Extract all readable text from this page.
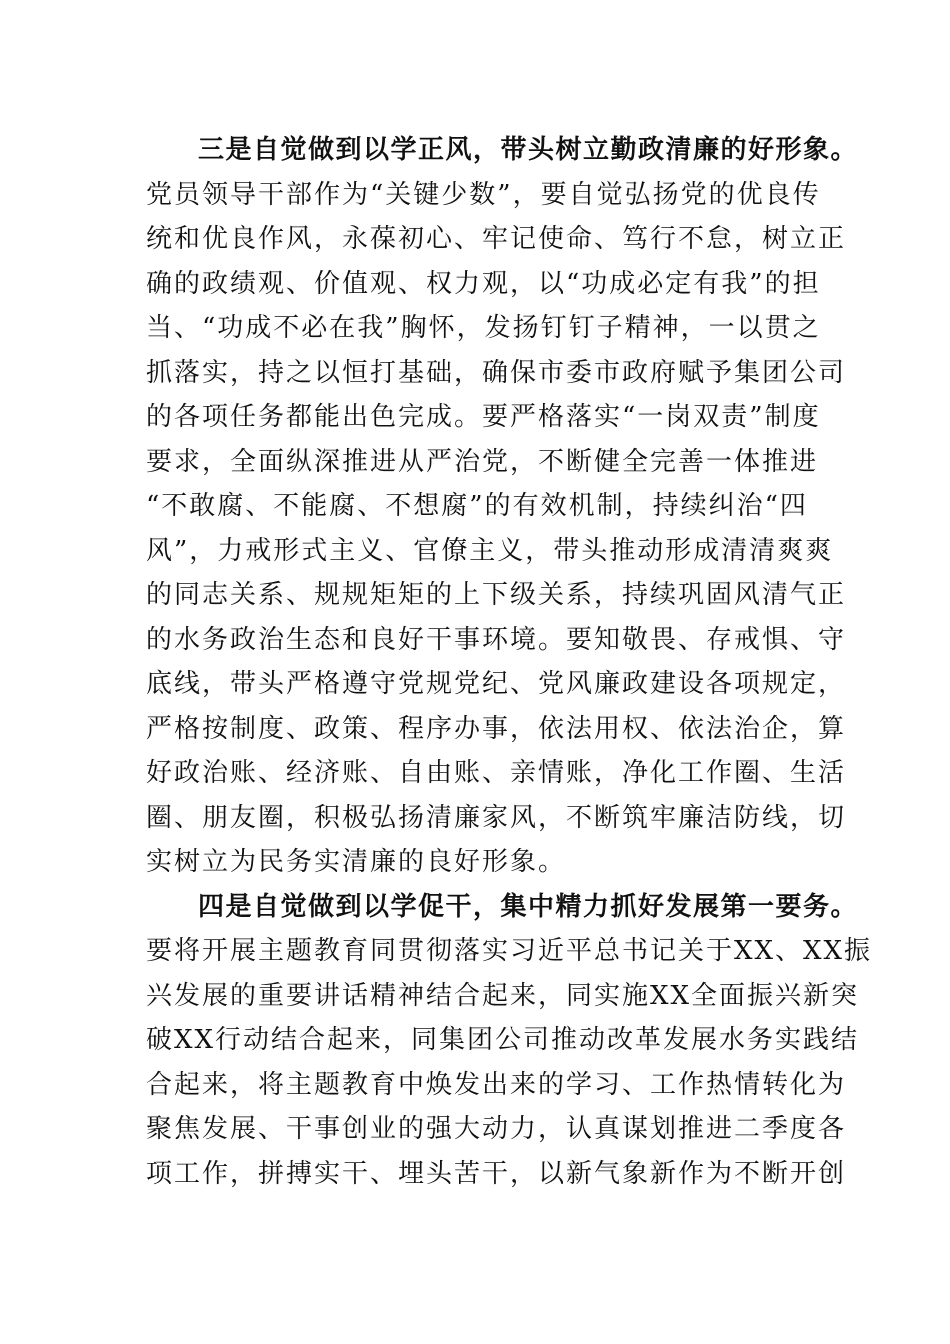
三是自觉做到以学正风，带头树立勤政清廉的好形象。
党员领导干部作为“关键少数”，要自觉弘扬党的优良传
统和优良作风，永葆初心、牢记使命、笃行不怠，树立正
确的政绩观、价值观、权力观，以“功成必定有我”的担
当、“功成不必在我”胸怀，发扬钉钉子精神，一以贯之
抓落实，持之以恒打基础，确保市委市政府赋予集团公司
的各项任务都能出色完成。要严格落实“一岗双责”制度
要求，全面纵深推进从严治党，不断健全完善一体推进
“不敢腐、不能腐、不想腐”的有效机制，持续纠治“四
风”，力戒形式主义、官僚主义，带头推动形成清清爽爽
的同志关系、规规矩矩的上下级关系，持续巩固风清气正
的水务政治生态和良好干事环境。要知敬畏、存戒惧、守
底线，带头严格遵守党规党纪、党风廉政建设各项规定，
严格按制度、政策、程序办事，依法用权、依法治企，算
好政治账、经济账、自由账、亲情账，净化工作圈、生活
圈、朋友圈，积极弘扬清廉家风，不断筑牢廉洁防线，切
实树立为民务实清廉的良好形象。
四是自觉做到以学促干，集中精力抓好发展第一要务。
要将开展主题教育同贯彻落实习近平总书记关于XX、XX振
兴发展的重要讲话精神结合起来，同实施XX全面振兴新突
破XX行动结合起来，同集团公司推动改革发展水务实践结
合起来，将主题教育中焕发出来的学习、工作热情转化为
聚焦发展、干事创业的强大动力，认真谋划推进二季度各
项工作，拼搏实干、埋头苦干，以新气象新作为不断开创
